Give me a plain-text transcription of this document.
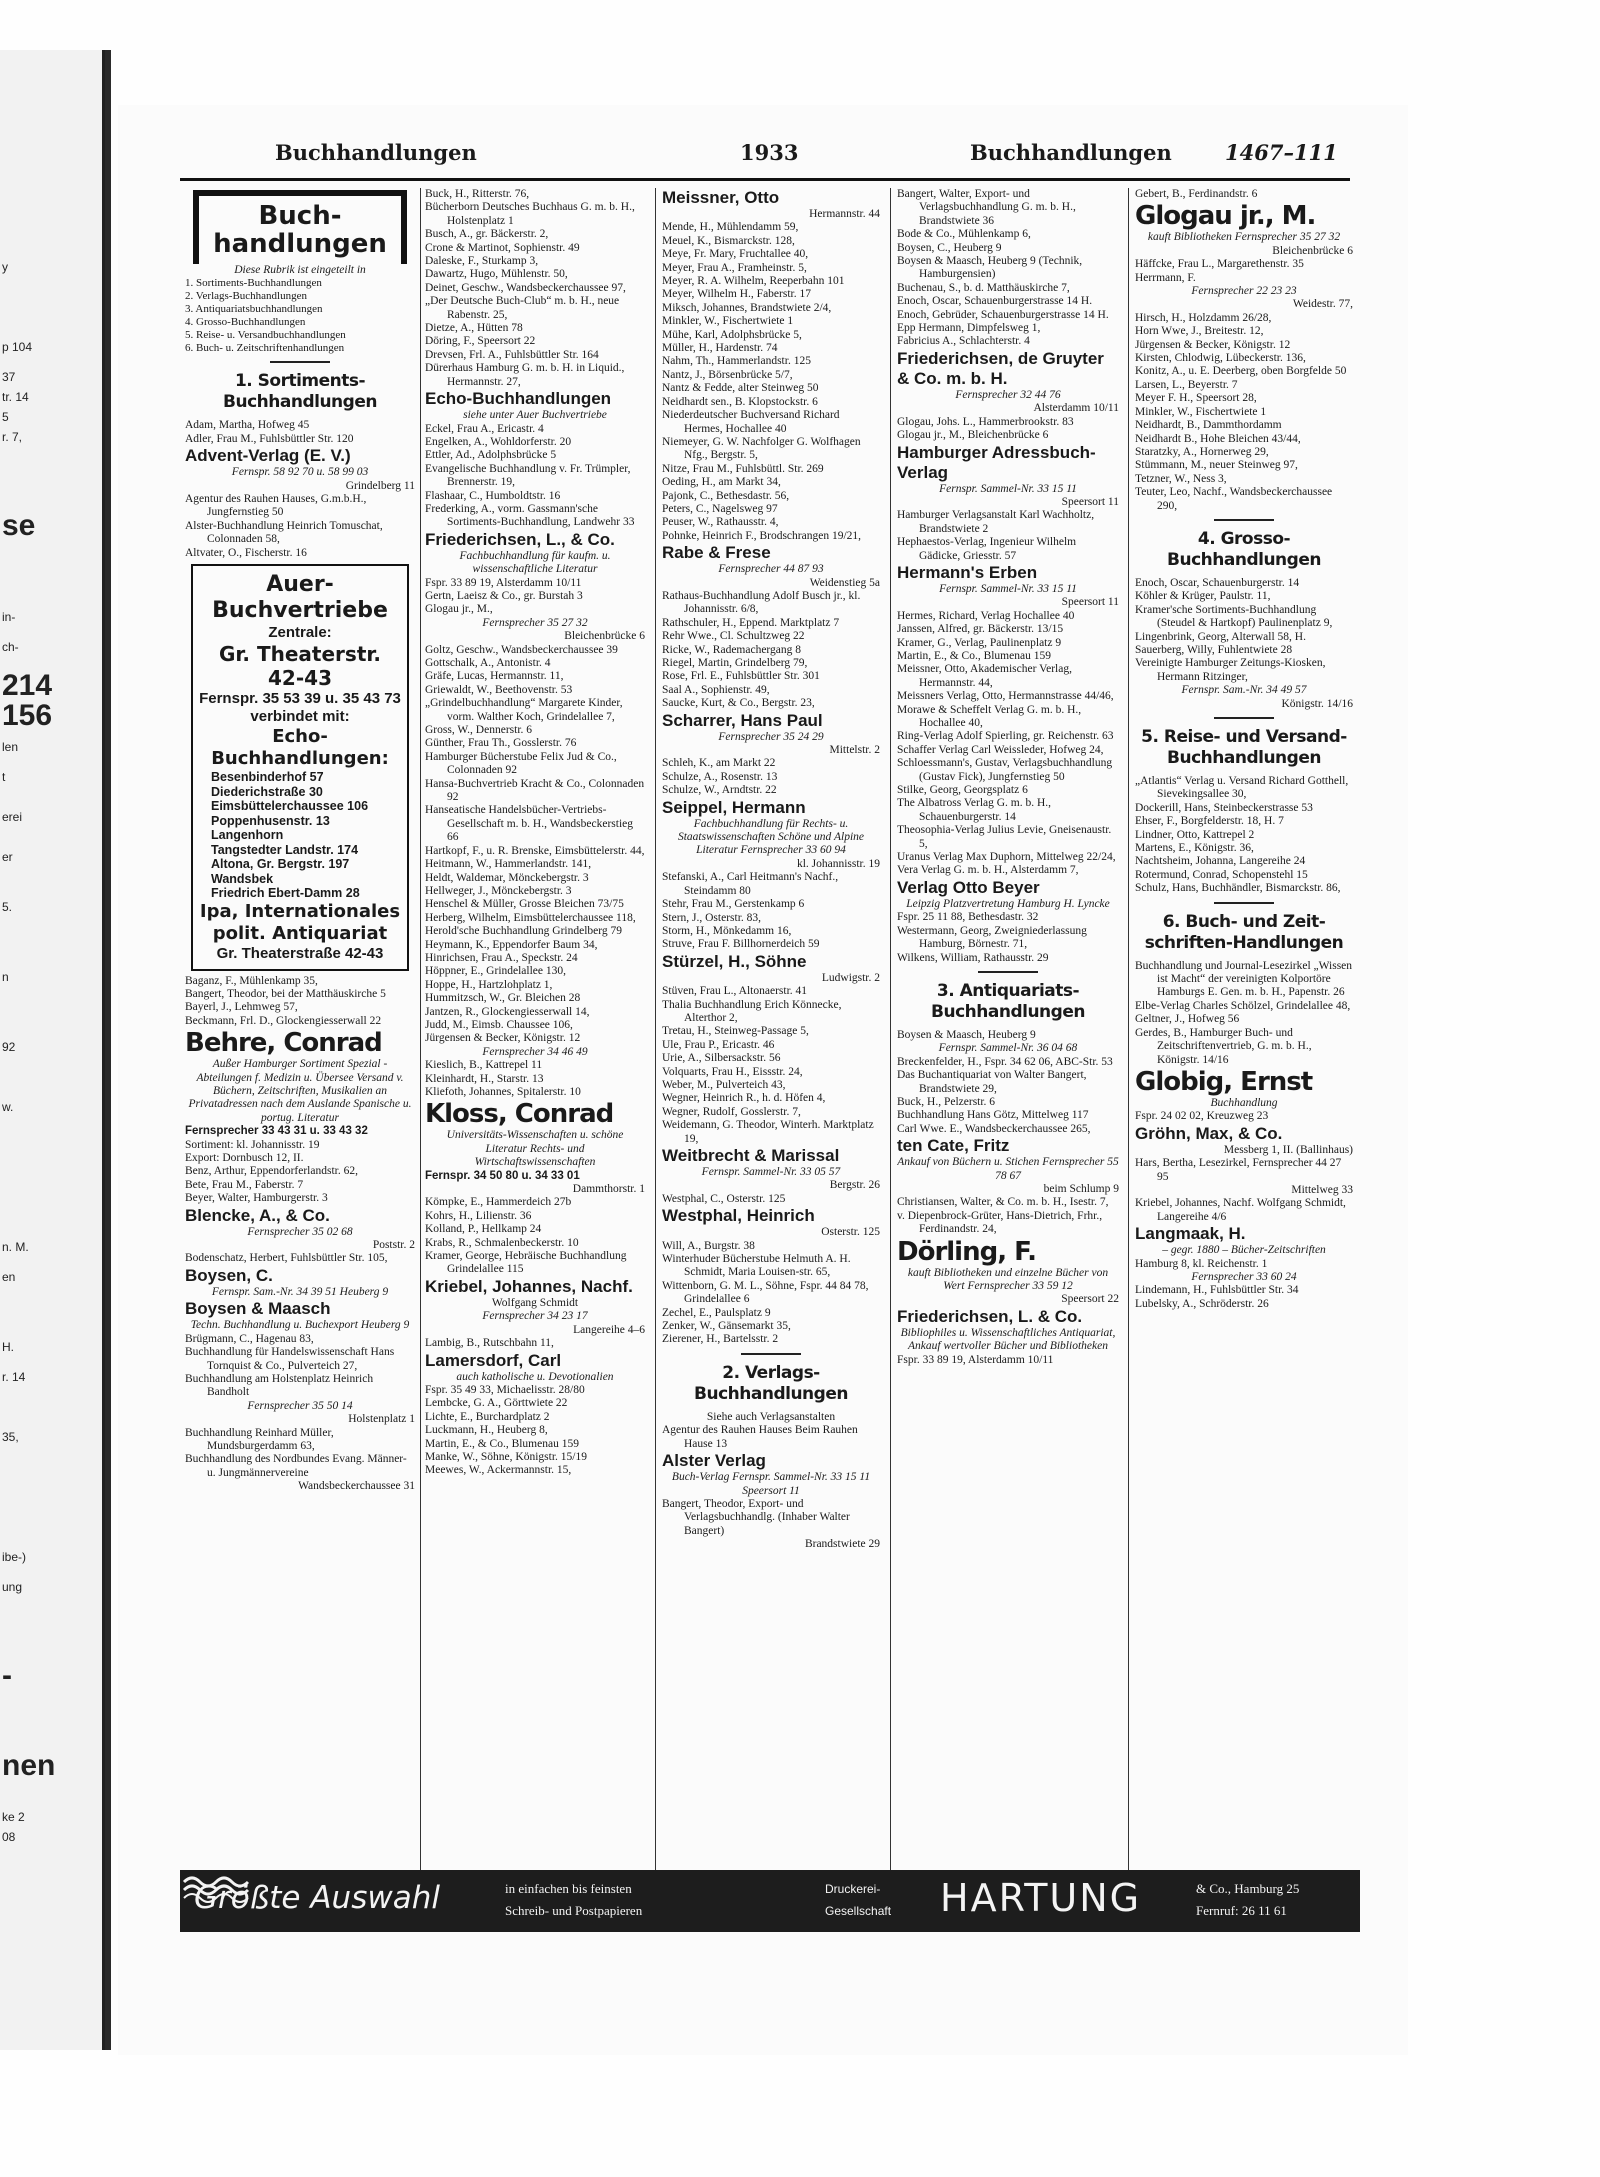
y
p 104
37
tr. 14
5
r. 7,
se
in-
ch-
214
156
len
t
erei
er
5.
n
92
w.
n. M.
en
H.
r. 14
35,
ibe-)
ung
-
nen
ke 2
08
Buchhandlungen	1933	Buchhandlungen	1467–111
Buch-
handlungen
Diese Rubrik ist eingeteilt in
1. Sortiments-Buchhandlungen
2. Verlags-Buchhandlungen
3. Antiquariatsbuchhandlungen
4. Grosso-Buchhandlungen
5. Reise- u. Versandbuchhandlungen
6. Buch- u. Zeitschriftenhandlungen
1. Sortiments-
Buchhandlungen
Adam, Martha, Hofweg 45
Adler, Frau M., Fuhlsbüttler Str. 120
Advent-Verlag (E. V.)
Fernspr. 58 92 70 u. 58 99 03
Grindelberg 11
Agentur des Rauhen Hauses, G.m.b.H., Jungfernstieg 50
Alster-Buchhandlung Heinrich Tomuschat, Colonnaden 58,
Altvater, O., Fischerstr. 16
Auer-Buchvertriebe
Zentrale:
Gr. Theaterstr. 42-43
Fernspr. 35 53 39 u. 35 43 73
verbindet mit:
Echo-Buchhandlungen:
Besenbinderhof 57
Diederichstraße 30
Eimsbüttelerchaussee 106
Poppenhusenstr. 13
Langenhorn
Tangstedter Landstr. 174
Altona, Gr. Bergstr. 197
Wandsbek
Friedrich Ebert-Damm 28
Ipa, Internationales polit. Antiquariat
Gr. Theaterstraße 42-43
Baganz, F., Mühlenkamp 35,
Bangert, Theodor, bei der Matthäuskirche 5
Bayerl, J., Lehmweg 57,
Beckmann, Frl. D., Glockengiesserwall 22
Behre, Conrad
Außer Hamburger Sortiment Spezial - Abteilungen f. Medizin u. Übersee Versand v. Büchern, Zeitschriften, Musikalien an Privatadressen nach dem Auslande Spanische u. portug. Literatur
Fernsprecher 33 43 31 u. 33 43 32
Sortiment: kl. Johannisstr. 19
Export: Dornbusch 12, II.
Benz, Arthur, Eppendorferlandstr. 62,
Bete, Frau M., Faberstr. 7
Beyer, Walter, Hamburgerstr. 3
Blencke, A., & Co.
Fernsprecher 35 02 68
Poststr. 2
Bodenschatz, Herbert, Fuhlsbüttler Str. 105,
Boysen, C.
Fernspr. Sam.-Nr. 34 39 51 Heuberg 9
Boysen & Maasch
Techn. Buchhandlung u. Buchexport Heuberg 9
Brügmann, C., Hagenau 83,
Buchhandlung für Handelswissenschaft Hans Tornquist & Co., Pulverteich 27,
Buchhandlung am Holstenplatz Heinrich Bandholt
Fernsprecher 35 50 14
Holstenplatz 1
Buchhandlung Reinhard Müller, Mundsburgerdamm 63,
Buchhandlung des Nordbundes Evang. Männer- u. Jungmännervereine
Wandsbeckerchaussee 31
Buck, H., Ritterstr. 76,
Bücherborn Deutsches Buchhaus G. m. b. H., Holstenplatz 1
Busch, A., gr. Bäckerstr. 2,
Crone & Martinot, Sophienstr. 49
Daleske, F., Sturkamp 3,
Dawartz, Hugo, Mühlenstr. 50,
Deinet, Geschw., Wandsbeckerchaussee 97,
„Der Deutsche Buch-Club“ m. b. H., neue Rabenstr. 25,
Dietze, A., Hütten 78
Döring, F., Speersort 22
Drevsen, Frl. A., Fuhlsbüttler Str. 164
Dürerhaus Hamburg G. m. b. H. in Liquid., Hermannstr. 27,
Echo-Buchhandlungen
siehe unter Auer Buchvertriebe
Eckel, Frau A., Ericastr. 4
Engelken, A., Wohldorferstr. 20
Ettler, Ad., Adolphsbrücke 5
Evangelische Buchhandlung v. Fr. Trümpler, Brennerstr. 19,
Flashaar, C., Humboldtstr. 16
Frederking, A., vorm. Gassmann'sche Sortiments-Buchhandlung, Landwehr 33
Friederichsen, L., & Co.
Fachbuchhandlung für kaufm. u. wissenschaftliche Literatur
Fspr. 33 89 19, Alsterdamm 10/11
Gertn, Laeisz & Co., gr. Burstah 3
Glogau jr., M.,
Fernsprecher 35 27 32
Bleichenbrücke 6
Goltz, Geschw., Wandsbeckerchaussee 39
Gottschalk, A., Antonistr. 4
Gräfe, Lucas, Hermannstr. 11,
Griewaldt, W., Beethovenstr. 53
„Grindelbuchhandlung“ Margarete Kinder, vorm. Walther Koch, Grindelallee 7,
Gross, W., Dennerstr. 6
Günther, Frau Th., Gosslerstr. 76
Hamburger Bücherstube Felix Jud & Co., Colonnaden 92
Hansa-Buchvertrieb Kracht & Co., Colonnaden 92
Hanseatische Handelsbücher-Vertriebs-Gesellschaft m. b. H., Wandsbeckerstieg 66
Hartkopf, F., u. R. Brenske, Eimsbüttelerstr. 44,
Heitmann, W., Hammerlandstr. 141,
Heldt, Waldemar, Mönckebergstr. 3
Hellweger, J., Mönckebergstr. 3
Henschel & Müller, Grosse Bleichen 73/75
Herberg, Wilhelm, Eimsbüttelerchaussee 118,
Herold'sche Buchhandlung Grindelberg 79
Heymann, K., Eppendorfer Baum 34,
Hinrichsen, Frau A., Speckstr. 24
Höppner, E., Grindelallee 130,
Hoppe, H., Hartzlohplatz 1,
Hummitzsch, W., Gr. Bleichen 28
Jantzen, R., Glockengiesserwall 14,
Judd, M., Eimsb. Chaussee 106,
Jürgensen & Becker, Königstr. 12
Fernsprecher 34 46 49
Kieslich, B., Kattrepel 11
Kleinhardt, H., Starstr. 13
Kliefoth, Johannes, Spitalerstr. 10
Kloss, Conrad
Universitäts-Wissenschaften u. schöne Literatur Rechts- und Wirtschaftswissenschaften
Fernspr. 34 50 80 u. 34 33 01
Dammthorstr. 1
Kömpke, E., Hammerdeich 27b
Kohrs, H., Lilienstr. 36
Kolland, P., Hellkamp 24
Krabs, R., Schmalenbeckerstr. 10
Kramer, George, Hebräische Buchhandlung Grindelallee 115
Kriebel, Johannes, Nachf.
Wolfgang Schmidt
Fernsprecher 34 23 17
Langereihe 4–6
Lambig, B., Rutschbahn 11,
Lamersdorf, Carl
auch katholische u. Devotionalien
Fspr. 35 49 33, Michaelisstr. 28/80
Lembcke, G. A., Görttwiete 22
Lichte, E., Burchardplatz 2
Luckmann, H., Heuberg 8,
Martin, E., & Co., Blumenau 159
Manke, W., Söhne, Königstr. 15/19
Meewes, W., Ackermannstr. 15,
Meissner, Otto
Hermannstr. 44
Mende, H., Mühlendamm 59,
Meuel, K., Bismarckstr. 128,
Meye, Fr. Mary, Fruchtallee 40,
Meyer, Frau A., Framheinstr. 5,
Meyer, R. A. Wilhelm, Reeperbahn 101
Meyer, Wilhelm H., Faberstr. 17
Miksch, Johannes, Brandstwiete 2/4,
Minkler, W., Fischertwiete 1
Mühe, Karl, Adolphsbrücke 5,
Müller, H., Hardenstr. 74
Nahm, Th., Hammerlandstr. 125
Nantz, J., Börsenbrücke 5/7,
Nantz & Fedde, alter Steinweg 50
Neidhardt sen., B. Klopstockstr. 6
Niederdeutscher Buchversand Richard Hermes, Hochallee 40
Niemeyer, G. W. Nachfolger G. Wolfhagen Nfg., Bergstr. 5,
Nitze, Frau M., Fuhlsbüttl. Str. 269
Oeding, H., am Markt 34,
Pajonk, C., Bethesdastr. 56,
Peters, C., Nagelsweg 97
Peuser, W., Rathausstr. 4,
Pohnke, Heinrich F., Brodschrangen 19/21,
Rabe & Frese
Fernsprecher 44 87 93
Weidenstieg 5a
Rathaus-Buchhandlung Adolf Busch jr., kl. Johannisstr. 6/8,
Rathschuler, H., Eppend. Marktplatz 7
Rehr Wwe., Cl. Schultzweg 22
Ricke, W., Rademachergang 8
Riegel, Martin, Grindelberg 79,
Rose, Frl. E., Fuhlsbüttler Str. 301
Saal A., Sophienstr. 49,
Saucke, Kurt, & Co., Bergstr. 23,
Scharrer, Hans Paul
Fernsprecher 35 24 29
Mittelstr. 2
Schleh, K., am Markt 22
Schulze, A., Rosenstr. 13
Schulze, W., Arndtstr. 22
Seippel, Hermann
Fachbuchhandlung für Rechts- u. Staatswissenschaften Schöne und Alpine Literatur Fernsprecher 33 60 94
kl. Johannisstr. 19
Stefanski, A., Carl Heitmann's Nachf., Steindamm 80
Stehr, Frau M., Gerstenkamp 6
Stern, J., Osterstr. 83,
Storm, H., Mönkedamm 16,
Struve, Frau F. Billhornerdeich 59
Stürzel, H., Söhne
Ludwigstr. 2
Stüven, Frau L., Altonaerstr. 41
Thalia Buchhandlung Erich Könnecke, Alterthor 2,
Tretau, H., Steinweg-Passage 5,
Ule, Frau P., Ericastr. 46
Urie, A., Silbersackstr. 56
Volquarts, Frau H., Eissstr. 24,
Weber, M., Pulverteich 43,
Wegner, Heinrich R., h. d. Höfen 4,
Wegner, Rudolf, Gosslerstr. 7,
Weidemann, G. Theodor, Winterh. Marktplatz 19,
Weitbrecht & Marissal
Fernspr. Sammel-Nr. 33 05 57
Bergstr. 26
Westphal, C., Osterstr. 125
Westphal, Heinrich
Osterstr. 125
Will, A., Burgstr. 38
Winterhuder Bücherstube Helmuth A. H. Schmidt, Maria Louisen-str. 65,
Wittenborn, G. M. L., Söhne, Fspr. 44 84 78, Grindelallee 6
Zechel, E., Paulsplatz 9
Zenker, W., Gänsemarkt 35,
Zierener, H., Bartelsstr. 2
2. Verlags-
Buchhandlungen
Siehe auch Verlagsanstalten
Agentur des Rauhen Hauses Beim Rauhen Hause 13
Alster Verlag
Buch-Verlag Fernspr. Sammel-Nr. 33 15 11 Speersort 11
Bangert, Theodor, Export- und Verlagsbuchhandlg. (Inhaber Walter Bangert)
Brandstwiete 29
Bangert, Walter, Export- und Verlagsbuchhandlung G. m. b. H., Brandstwiete 36
Bode & Co., Mühlenkamp 6,
Boysen, C., Heuberg 9
Boysen & Maasch, Heuberg 9 (Technik, Hamburgensien)
Buchenau, S., b. d. Matthäuskirche 7,
Enoch, Oscar, Schauenburgerstrasse 14 H.
Enoch, Gebrüder, Schauenburgerstrasse 14 H.
Epp Hermann, Dimpfelsweg 1,
Fabricius A., Schlachterstr. 4
Friederichsen, de Gruyter & Co. m. b. H.
Fernsprecher 32 44 76
Alsterdamm 10/11
Glogau, Johs. L., Hammerbrookstr. 83
Glogau jr., M., Bleichenbrücke 6
Hamburger Adressbuch-Verlag
Fernspr. Sammel-Nr. 33 15 11
Speersort 11
Hamburger Verlagsanstalt Karl Wachholtz, Brandstwiete 2
Hephaestos-Verlag, Ingenieur Wilhelm Gädicke, Griesstr. 57
Hermann's Erben
Fernspr. Sammel-Nr. 33 15 11
Speersort 11
Hermes, Richard, Verlag Hochallee 40
Janssen, Alfred, gr. Bäckerstr. 13/15
Kramer, G., Verlag, Paulinenplatz 9
Martin, E., & Co., Blumenau 159
Meissner, Otto, Akademischer Verlag, Hermannstr. 44,
Meissners Verlag, Otto, Hermannstrasse 44/46,
Morawe & Scheffelt Verlag G. m. b. H., Hochallee 40,
Ring-Verlag Adolf Spierling, gr. Reichenstr. 63
Schaffer Verlag Carl Weissleder, Hofweg 24,
Schloessmann's, Gustav, Verlagsbuchhandlung (Gustav Fick), Jungfernstieg 50
Stilke, Georg, Georgsplatz 6
The Albatross Verlag G. m. b. H., Schauenburgerstr. 14
Theosophia-Verlag Julius Levie, Gneisenaustr. 5,
Uranus Verlag Max Duphorn, Mittelweg 22/24,
Vera Verlag G. m. b. H., Alsterdamm 7,
Verlag Otto Beyer
Leipzig Platzvertretung Hamburg H. Lyncke
Fspr. 25 11 88, Bethesdastr. 32
Westermann, Georg, Zweigniederlassung Hamburg, Börnestr. 71,
Wilkens, William, Rathausstr. 29
3. Antiquariats-
Buchhandlungen
Boysen & Maasch, Heuberg 9
Fernspr. Sammel-Nr. 36 04 68
Breckenfelder, H., Fspr. 34 62 06, ABC-Str. 53
Das Buchantiquariat von Walter Bangert, Brandstwiete 29,
Buck, H., Pelzerstr. 6
Buchhandlung Hans Götz, Mittelweg 117
Carl Wwe. E., Wandsbeckerchaussee 265,
ten Cate, Fritz
Ankauf von Büchern u. Stichen Fernsprecher 55 78 67
beim Schlump 9
Christiansen, Walter, & Co. m. b. H., Isestr. 7,
v. Diepenbrock-Grüter, Hans-Dietrich, Frhr., Ferdinandstr. 24,
Dörling, F.
kauft Bibliotheken und einzelne Bücher von Wert Fernsprecher 33 59 12
Speersort 22
Friederichsen, L. & Co.
Bibliophiles u. Wissenschaftliches Antiquariat, Ankauf wertvoller Bücher und Bibliotheken
Fspr. 33 89 19, Alsterdamm 10/11
Gebert, B., Ferdinandstr. 6
Glogau jr., M.
kauft Bibliotheken Fernsprecher 35 27 32
Bleichenbrücke 6
Häffcke, Frau L., Margarethenstr. 35
Herrmann, F.
Fernsprecher 22 23 23
Weidestr. 77,
Hirsch, H., Holzdamm 26/28,
Horn Wwe, J., Breitestr. 12,
Jürgensen & Becker, Königstr. 12
Kirsten, Chlodwig, Lübeckerstr. 136,
Konitz, A., u. E. Deerberg, oben Borgfelde 50
Larsen, L., Beyerstr. 7
Meyer F. H., Speersort 28,
Minkler, W., Fischertwiete 1
Neidhardt, B., Dammthordamm
Neidhardt B., Hohe Bleichen 43/44,
Staratzky, A., Hornerweg 29,
Stümmann, M., neuer Steinweg 97,
Tetzner, W., Ness 3,
Teuter, Leo, Nachf., Wandsbeckerchaussee 290,
4. Grosso-
Buchhandlungen
Enoch, Oscar, Schauenburgerstr. 14
Köhler & Krüger, Paulstr. 11,
Kramer'sche Sortiments-Buchhandlung (Steudel & Hartkopf) Paulinenplatz 9,
Lingenbrink, Georg, Alterwall 58, H.
Sauerberg, Willy, Fuhlentwiete 28
Vereinigte Hamburger Zeitungs-Kiosken, Hermann Ritzinger,
Fernspr. Sam.-Nr. 34 49 57
Königstr. 14/16
5. Reise- und Versand-
Buchhandlungen
„Atlantis“ Verlag u. Versand Richard Gotthell, Sievekingsallee 30,
Dockerill, Hans, Steinbeckerstrasse 53
Ehser, F., Borgfelderstr. 18, H. 7
Lindner, Otto, Kattrepel 2
Martens, E., Königstr. 36,
Nachtsheim, Johanna, Langereihe 24
Rotermund, Conrad, Schopenstehl 15
Schulz, Hans, Buchhändler, Bismarckstr. 86,
6. Buch- und Zeit-
schriften-Handlungen
Buchhandlung und Journal-Lesezirkel „Wissen ist Macht“ der vereinigten Kolportöre Hamburgs E. Gen. m. b. H., Papenstr. 26
Elbe-Verlag Charles Schölzel, Grindelallee 48,
Geltner, J., Hofweg 56
Gerdes, B., Hamburger Buch- und Zeitschriftenvertrieb, G. m. b. H., Königstr. 14/16
Globig, Ernst
Buchhandlung
Fspr. 24 02 02, Kreuzweg 23
Gröhn, Max, & Co.
Messberg 1, II. (Ballinhaus)
Hars, Bertha, Lesezirkel, Fernsprecher 44 27 95
Mittelweg 33
Kriebel, Johannes, Nachf. Wolfgang Schmidt, Langereihe 4/6
Langmaak, H.
– gegr. 1880 – Bücher-Zeitschriften
Hamburg 8, kl. Reichenstr. 1
Fernsprecher 33 60 24
Lindemann, H., Fuhlsbüttler Str. 34
Lubelsky, A., Schröderstr. 26
Größte Auswahl	in einfachen bis feinsten
Schreib- und Postpapieren
Druckerei-
Gesellschaft HARTUNG	& Co., Hamburg 25
Fernruf: 26 11 61
